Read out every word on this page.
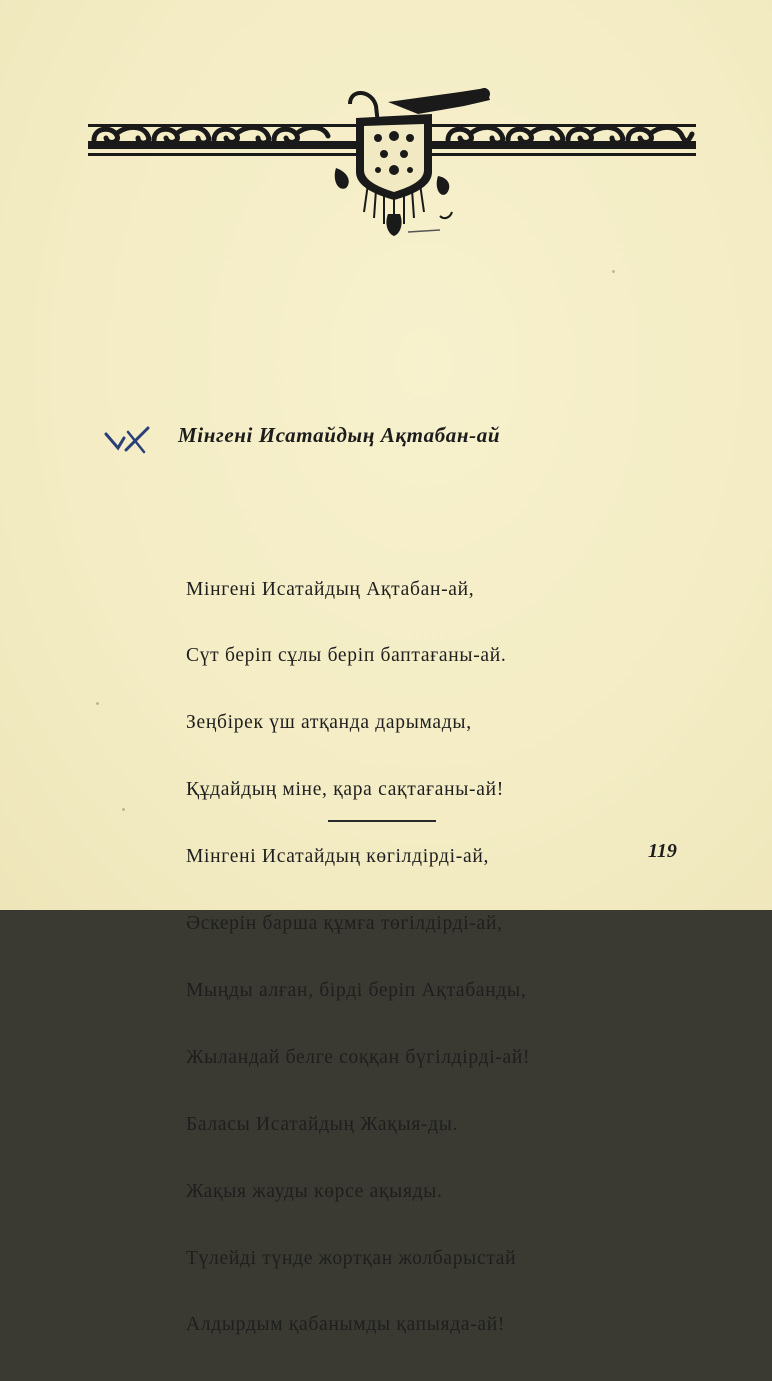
Мінгені Исатайдың Ақтабан-ай

Мінгені Исатайдың Ақтабан-ай,

Сүт беріп сұлы беріп баптағаны-ай.

Зеңбірек үш атқанда дарымады,

Құдайдың міне, қара сақтағаны-ай!

Мінгені Исатайдың көгілдірді-ай,

Әскерін барша құмға төгілдірді-ай,

Мыңды алған, бірді беріп Ақтабанды,

Жыландай белге соққан бүгілдірді-ай!

Баласы Исатайдың Жақыя-ды.

Жақыя жауды көрсе ақыяды.

Түлейді түнде жортқан жолбарыстай

Алдырдым қабанымды қапыяда-ай!

119
